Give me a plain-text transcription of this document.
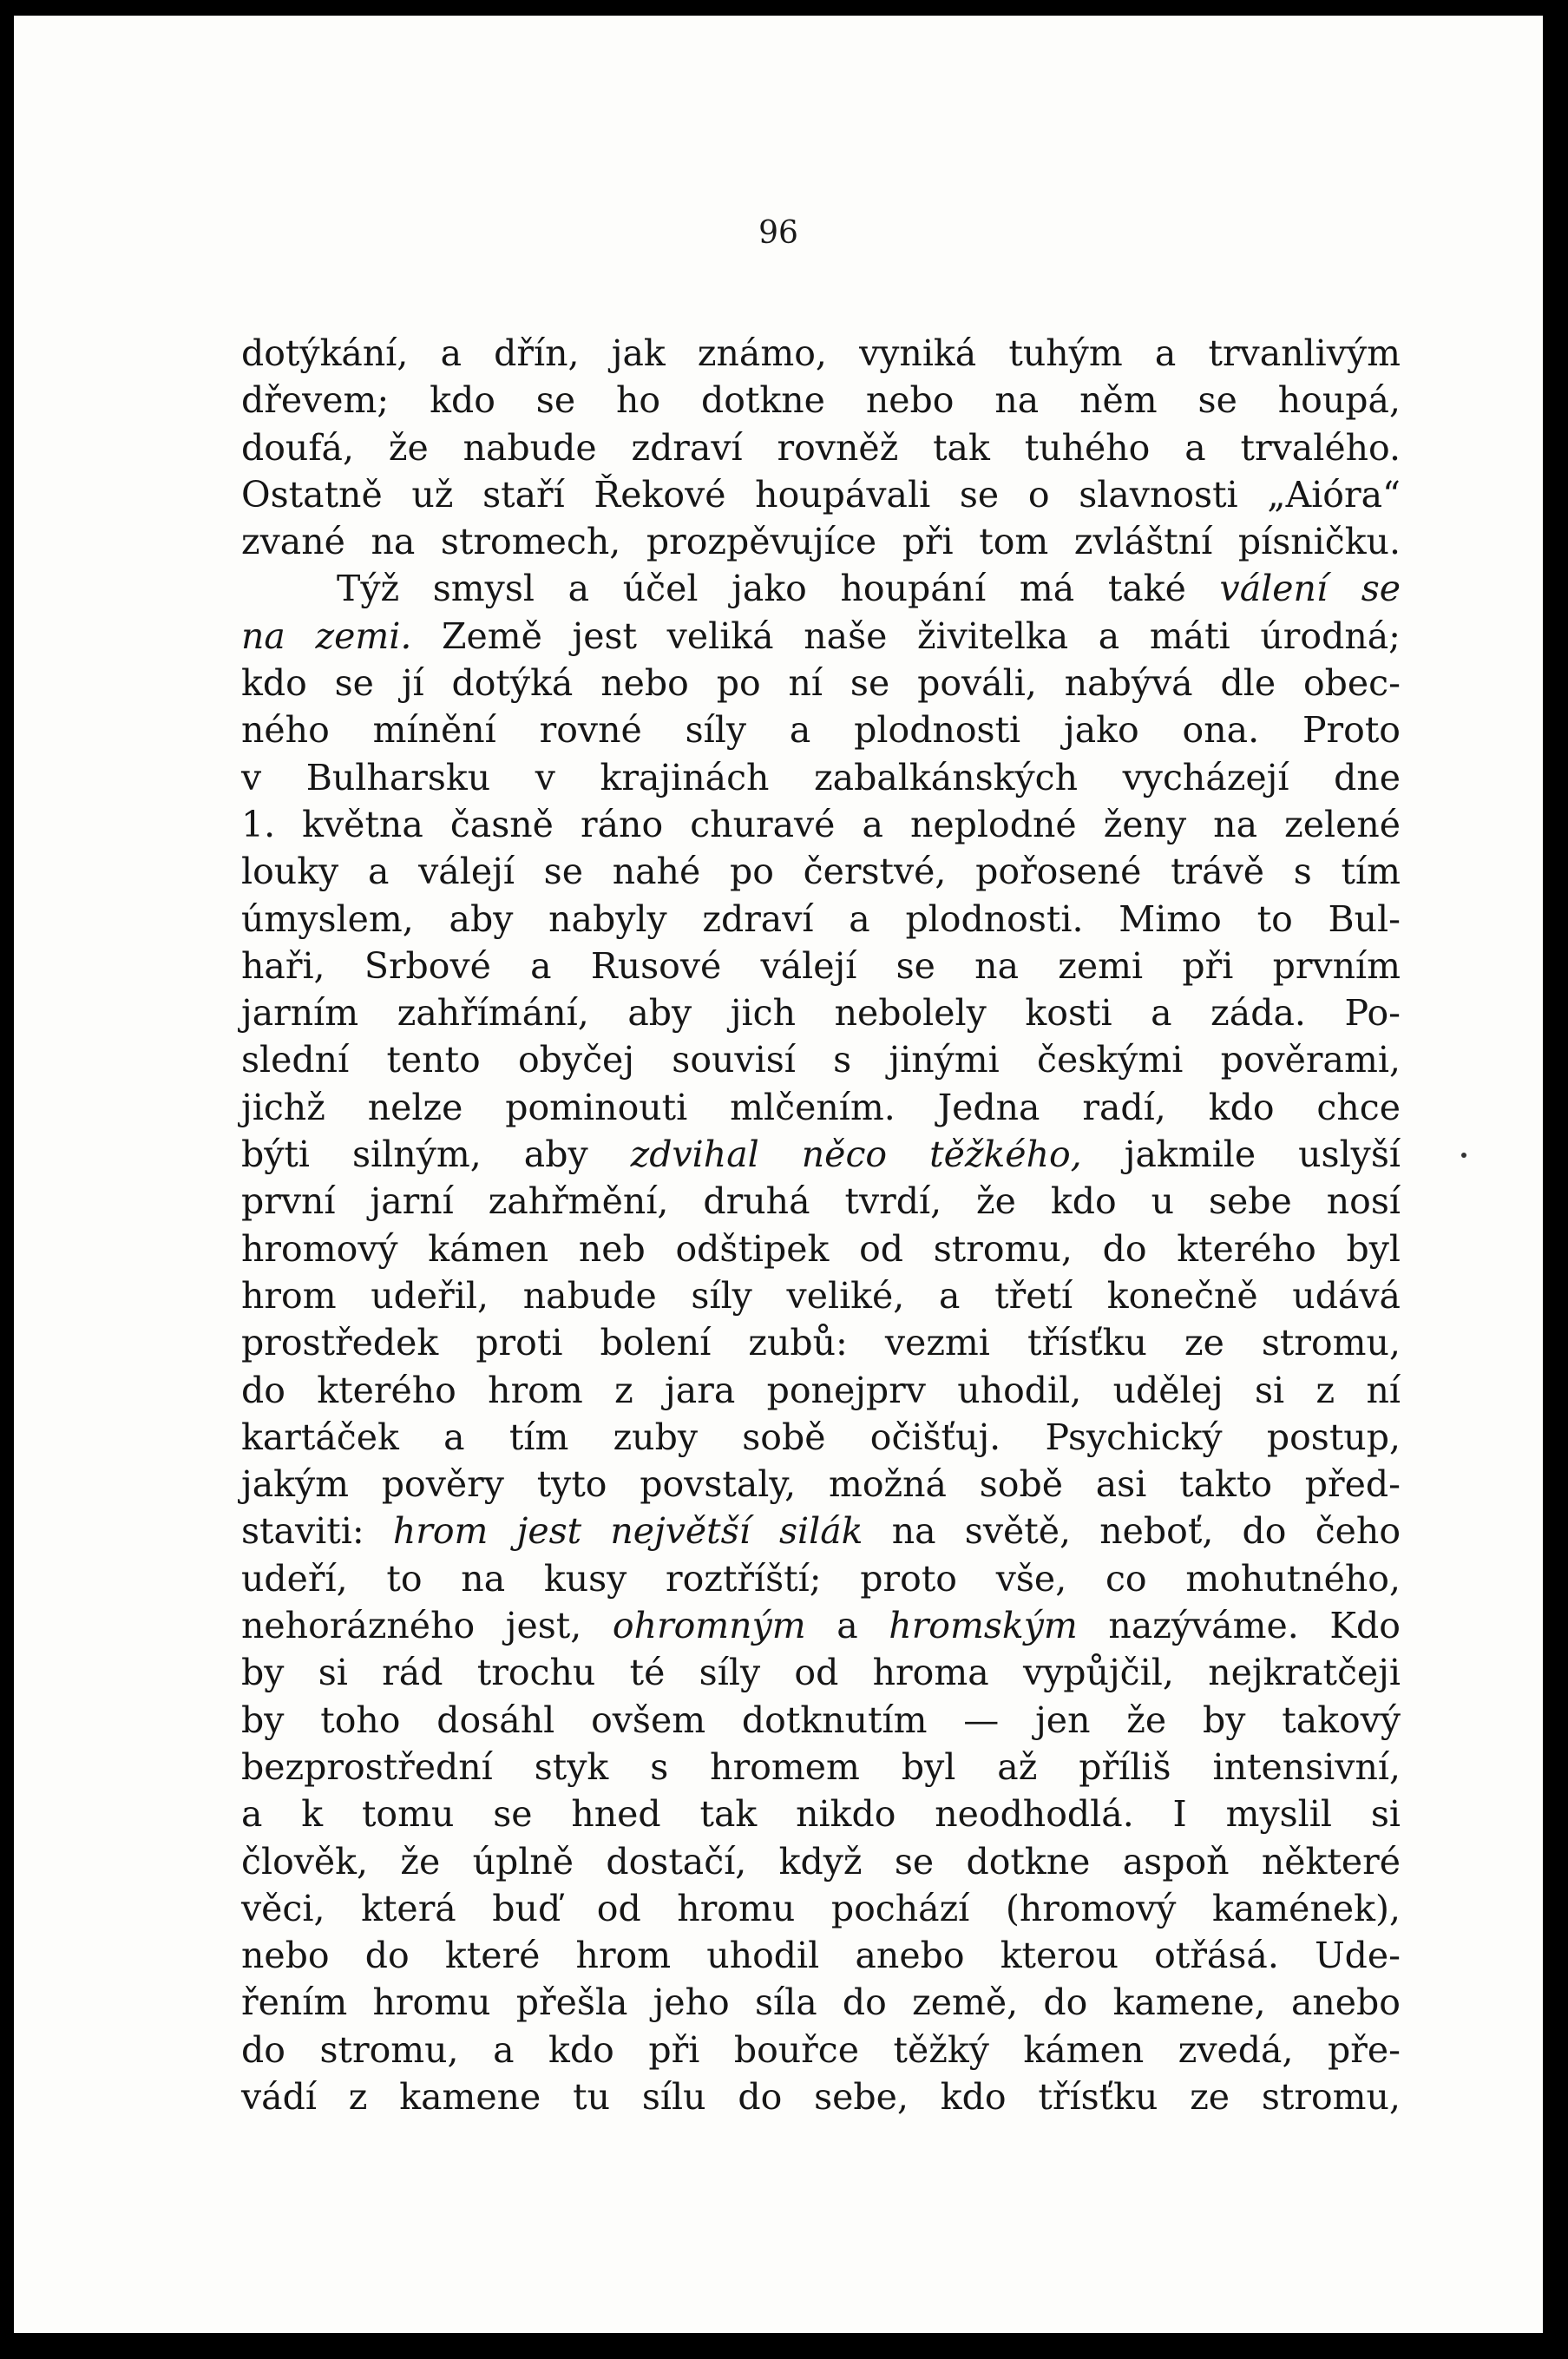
96
dotýkání, a dřín, jak známo, vyniká tuhým a trvanlivým
dřevem; kdo se ho dotkne nebo na něm se houpá,
doufá, že nabude zdraví rovněž tak tuhého a trvalého.
Ostatně už staří Řekové houpávali se o slavnosti „Aióra“
zvané na stromech, prozpěvujíce při tom zvláštní písničku.
Týž smysl a účel jako houpání má také válení se
na zemi. Země jest veliká naše živitelka a máti úrodná;
kdo se jí dotýká nebo po ní se pováli, nabývá dle obec-
ného mínění rovné síly a plodnosti jako ona. Proto
v Bulharsku v krajinách zabalkánských vycházejí dne
1. května časně ráno churavé a neplodné ženy na zelené
louky a válejí se nahé po čerstvé, pořosené trávě s tím
úmyslem, aby nabyly zdraví a plodnosti. Mimo to Bul-
haři, Srbové a Rusové válejí se na zemi při prvním
jarním zahřímání, aby jich nebolely kosti a záda. Po-
slední tento obyčej souvisí s jinými českými pověrami,
jichž nelze pominouti mlčením. Jedna radí, kdo chce
býti silným, aby zdvihal něco těžkého, jakmile uslyší
první jarní zahřmění, druhá tvrdí, že kdo u sebe nosí
hromový kámen neb odštipek od stromu, do kterého byl
hrom udeřil, nabude síly veliké, a třetí konečně udává
prostředek proti bolení zubů: vezmi třísťku ze stromu,
do kterého hrom z jara ponejprv uhodil, udělej si z ní
kartáček a tím zuby sobě očišťuj. Psychický postup,
jakým pověry tyto povstaly, možná sobě asi takto před-
staviti: hrom jest největší silák na světě, neboť, do čeho
udeří, to na kusy roztříští; proto vše, co mohutného,
nehorázného jest, ohromným a hromským nazýváme. Kdo
by si rád trochu té síly od hroma vypůjčil, nejkratčeji
by toho dosáhl ovšem dotknutím — jen že by takový
bezprostřední styk s hromem byl až příliš intensivní,
a k tomu se hned tak nikdo neodhodlá. I myslil si
člověk, že úplně dostačí, když se dotkne aspoň některé
věci, která buď od hromu pochází (hromový kamének),
nebo do které hrom uhodil anebo kterou otřásá. Ude-
řením hromu přešla jeho síla do země, do kamene, anebo
do stromu, a kdo při bouřce těžký kámen zvedá, pře-
vádí z kamene tu sílu do sebe, kdo třísťku ze stromu,
